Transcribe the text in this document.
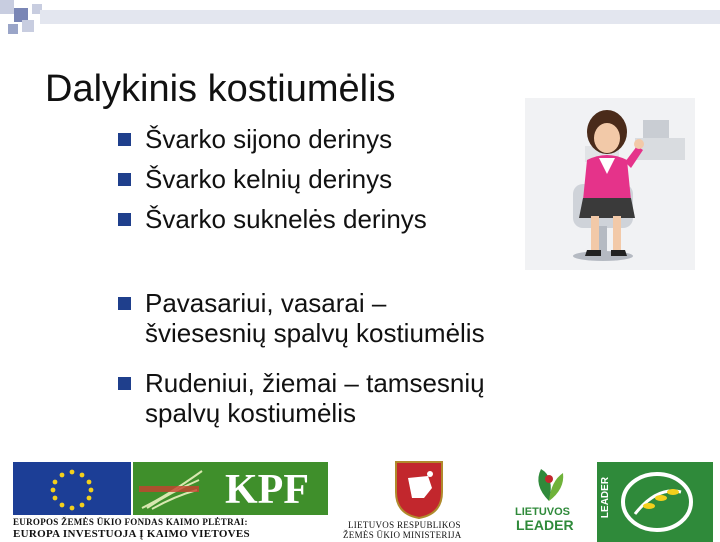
Dalykinis kostiumėlis
Švarko sijono derinys
Švarko kelnių derinys
Švarko suknelės derinys
Pavasariui, vasarai –
šviesesnių spalvų kostiumėlis
Rudeniui, žiemai – tamsesnių
spalvų kostiumėlis
KPF
EUROPOS ŽEMĖS ŪKIO FONDAS KAIMO PLĖTRAI:
EUROPA INVESTUOJA Į KAIMO VIETOVES
LIETUVOS RESPUBLIKOS
ŽEMĖS ŪKIO MINISTERIJA
LIETUVOS
LEADER
LEADER
